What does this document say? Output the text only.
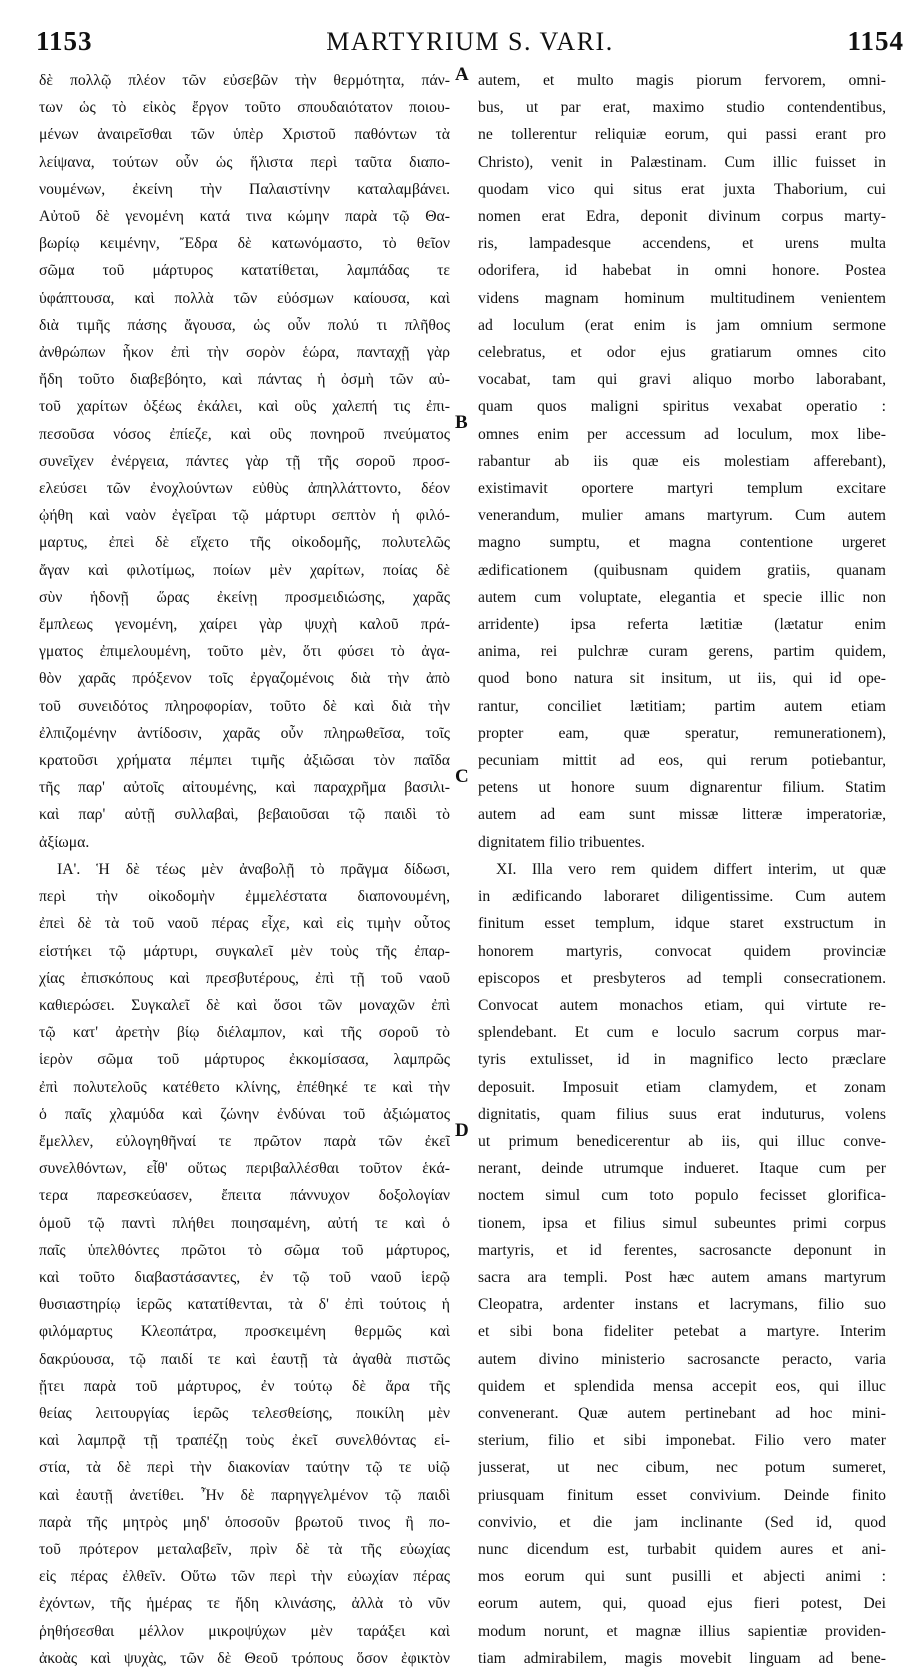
1153	MARTYRIUM S. VARI.	1154
A
B
C
D
δὲ πολλῷ πλέον τῶν εὐσεβῶν τὴν θερμότητα, πάν-
των ὡς τὸ εἰκὸς ἔργον τοῦτο σπουδαιότατον ποιου-
μένων ἀναιρεῖσθαι τῶν ὑπὲρ Χριστοῦ παθόντων τὰ
λείψανα, τούτων οὖν ὡς ἥλιστα περὶ ταῦτα διαπο-
νουμένων, ἐκείνη τὴν Παλαιστίνην καταλαμβάνει.
Αὐτοῦ δὲ γενομένη κατά τινα κώμην παρὰ τῷ Θα-
βωρίῳ κειμένην, Ἔδρα δὲ κατωνόμαστο, τὸ θεῖον
σῶμα τοῦ μάρτυρος κατατίθεται, λαμπάδας τε
ὑφάπτουσα, καὶ πολλὰ τῶν εὐόσμων καίουσα, καὶ
διὰ τιμῆς πάσης ἄγουσα, ὡς οὖν πολύ τι πλῆθος
ἀνθρώπων ἧκον ἐπὶ τὴν σορὸν ἑώρα, πανταχῇ γὰρ
ἤδη τοῦτο διαβεβόητο, καὶ πάντας ἡ ὀσμὴ τῶν αὐ-
τοῦ χαρίτων ὀξέως ἐκάλει, καὶ οὓς χαλεπή τις ἐπι-
πεσοῦσα νόσος ἐπίεζε, καὶ οὓς πονηροῦ πνεύματος
συνεῖχεν ἐνέργεια, πάντες γὰρ τῇ τῆς σοροῦ προσ-
ελεύσει τῶν ἐνοχλούντων εὐθὺς ἀπηλλάττοντο, δέον
ᾠήθη καὶ ναὸν ἐγεῖραι τῷ μάρτυρι σεπτὸν ἡ φιλό-
μαρτυς, ἐπεὶ δὲ εἴχετο τῆς οἰκοδομῆς, πολυτελῶς
ἄγαν καὶ φιλοτίμως, ποίων μὲν χαρίτων, ποίας δὲ
σὺν ἡδονῇ ὥρας ἐκείνῃ προσμειδιώσης, χαρᾶς
ἔμπλεως γενομένη, χαίρει γὰρ ψυχὴ καλοῦ πρά-
γματος ἐπιμελουμένη, τοῦτο μὲν, ὅτι φύσει τὸ ἀγα-
θὸν χαρᾶς πρόξενον τοῖς ἐργαζομένοις διὰ τὴν ἀπὸ
τοῦ συνειδότος πληροφορίαν, τοῦτο δὲ καὶ διὰ τὴν
ἐλπιζομένην ἀντίδοσιν, χαρᾶς οὖν πληρωθεῖσα, τοῖς
κρατοῦσι χρήματα πέμπει τιμῆς ἀξιῶσαι τὸν παῖδα
τῆς παρ' αὐτοῖς αἰτουμένης, καὶ παραχρῆμα βασιλι-
καὶ παρ' αὐτῇ συλλαβαὶ, βεβαιοῦσαι τῷ παιδὶ τὸ
ἀξίωμα.
ΙΑ'. Ἡ δὲ τέως μὲν ἀναβολῇ τὸ πρᾶγμα δίδωσι,
περὶ τὴν οἰκοδομὴν ἐμμελέστατα διαπονουμένη,
ἐπεὶ δὲ τὰ τοῦ ναοῦ πέρας εἶχε, καὶ εἰς τιμὴν οὗτος
εἱστήκει τῷ μάρτυρι, συγκαλεῖ μὲν τοὺς τῆς ἐπαρ-
χίας ἐπισκόπους καὶ πρεσβυτέρους, ἐπὶ τῇ τοῦ ναοῦ
καθιερώσει. Συγκαλεῖ δὲ καὶ ὅσοι τῶν μοναχῶν ἐπὶ
τῷ κατ' ἀρετὴν βίῳ διέλαμπον, καὶ τῆς σοροῦ τὸ
ἱερὸν σῶμα τοῦ μάρτυρος ἐκκομίσασα, λαμπρῶς
ἐπὶ πολυτελοῦς κατέθετο κλίνης, ἐπέθηκέ τε καὶ τὴν
ὁ παῖς χλαμύδα καὶ ζώνην ἐνδύναι τοῦ ἀξιώματος
ἔμελλεν, εὐλογηθῆναί τε πρῶτον παρὰ τῶν ἐκεῖ
συνελθόντων, εἶθ' οὕτως περιβαλλέσθαι τοῦτον ἑκά-
τερα παρεσκεύασεν, ἔπειτα πάννυχον δοξολογίαν
ὁμοῦ τῷ παντὶ πλήθει ποιησαμένη, αὐτή τε καὶ ὁ
παῖς ὑπελθόντες πρῶτοι τὸ σῶμα τοῦ μάρτυρος,
καὶ τοῦτο διαβαστάσαντες, ἐν τῷ τοῦ ναοῦ ἱερῷ
θυσιαστηρίῳ ἱερῶς κατατίθενται, τὰ δ' ἐπὶ τούτοις ἡ
φιλόμαρτυς Κλεοπάτρα, προσκειμένη θερμῶς καὶ
δακρύουσα, τῷ παιδί τε καὶ ἑαυτῇ τὰ ἀγαθὰ πιστῶς
ᾔτει παρὰ τοῦ μάρτυρος, ἐν τούτῳ δὲ ἄρα τῆς
θείας λειτουργίας ἱερῶς τελεσθείσης, ποικίλη μὲν
καὶ λαμπρᾷ τῇ τραπέζῃ τοὺς ἐκεῖ συνελθόντας εἱ-
στία, τὰ δὲ περὶ τὴν διακονίαν ταύτην τῷ τε υἱῷ
καὶ ἑαυτῇ ἀνετίθει. Ἦν δὲ παρηγγελμένον τῷ παιδὶ
παρὰ τῆς μητρὸς μηδ' ὁποσοῦν βρωτοῦ τινος ἢ πο-
τοῦ πρότερον μεταλαβεῖν, πρὶν δὲ τὰ τῆς εὐωχίας
εἰς πέρας ἐλθεῖν. Οὕτω τῶν περὶ τὴν εὐωχίαν πέρας
ἐχόντων, τῆς ἡμέρας τε ἤδη κλινάσης, ἀλλὰ τὸ νῦν
ῥηθήσεσθαι μέλλον μικροψύχων μὲν ταράξει καὶ
ἀκοὰς καὶ ψυχὰς, τῶν δὲ Θεοῦ τρόπους ὅσον ἐφικτὸν
autem, et multo magis piorum fervorem, omni-
bus, ut par erat, maximo studio contendentibus,
ne tollerentur reliquiæ eorum, qui passi erant pro
Christo), venit in Palæstinam. Cum illic fuisset in
quodam vico qui situs erat juxta Thaborium, cui
nomen erat Edra, deponit divinum corpus marty-
ris, lampadesque accendens, et urens multa
odorifera, id habebat in omni honore. Postea
videns magnam hominum multitudinem venientem
ad loculum (erat enim is jam omnium sermone
celebratus, et odor ejus gratiarum omnes cito
vocabat, tam qui gravi aliquo morbo laborabant,
quam quos maligni spiritus vexabat operatio :
omnes enim per accessum ad loculum, mox libe-
rabantur ab iis quæ eis molestiam afferebant),
existimavit oportere martyri templum excitare
venerandum, mulier amans martyrum. Cum autem
magno sumptu, et magna contentione urgeret
ædificationem (quibusnam quidem gratiis, quanam
autem cum voluptate, elegantia et specie illic non
arridente) ipsa referta lætitiæ (lætatur enim
anima, rei pulchræ curam gerens, partim quidem,
quod bono natura sit insitum, ut iis, qui id ope-
rantur, conciliet lætitiam; partim autem etiam
propter eam, quæ speratur, remunerationem),
pecuniam mittit ad eos, qui rerum potiebantur,
petens ut honore suum dignarentur filium. Statim
autem ad eam sunt missæ litteræ imperatoriæ,
dignitatem filio tribuentes.
XI. Illa vero rem quidem differt interim, ut quæ
in ædificando laboraret diligentissime. Cum autem
finitum esset templum, idque staret exstructum in
honorem martyris, convocat quidem provinciæ
episcopos et presbyteros ad templi consecrationem.
Convocat autem monachos etiam, qui virtute re-
splendebant. Et cum e loculo sacrum corpus mar-
tyris extulisset, id in magnifico lecto præclare
deposuit. Imposuit etiam clamydem, et zonam
dignitatis, quam filius suus erat induturus, volens
ut primum benedicerentur ab iis, qui illuc conve-
nerant, deinde utrumque indueret. Itaque cum per
noctem simul cum toto populo fecisset glorifica-
tionem, ipsa et filius simul subeuntes primi corpus
martyris, et id ferentes, sacrosancte deponunt in
sacra ara templi. Post hæc autem amans martyrum
Cleopatra, ardenter instans et lacrymans, filio suo
et sibi bona fideliter petebat a martyre. Interim
autem divino ministerio sacrosancte peracto, varia
quidem et splendida mensa accepit eos, qui illuc
convenerant. Quæ autem pertinebant ad hoc mini-
sterium, filio et sibi imponebat. Filio vero mater
jusserat, ut nec cibum, nec potum sumeret,
priusquam finitum esset convivium. Deinde finito
convivio, et die jam inclinante (Sed id, quod
nunc dicendum est, turbabit quidem aures et ani-
mos eorum qui sunt pusilli et abjecti animi :
eorum autem, qui, quoad ejus fieri potest, Dei
modum norunt, et magnæ illius sapientiæ providen-
tiam admirabilem, magis movebit linguam ad bene-
